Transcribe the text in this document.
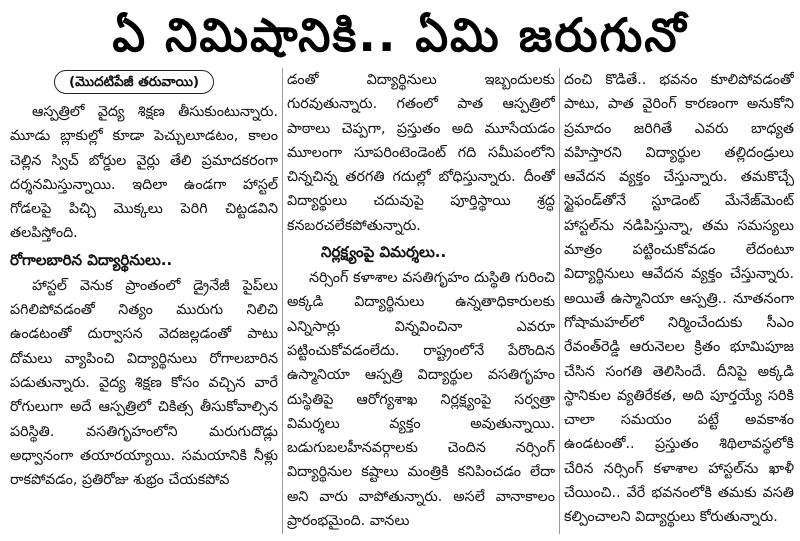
ఏ నిమిషానికి.. ఏమి జరుగునో
(మొదటిపేజీ తరువాయి)

ఆస్పత్రిలో వైద్య శిక్షణ తీసుకుంటున్నారు. మూడు బ్లాకుల్లో కూడా పెచ్చులూడటం, కాలం చెల్లిన స్విచ్ బోర్డుల వైర్లు తేలి ప్రమాదకరంగా దర్శనమిస్తున్నాయి. ఇదిలా ఉండగా హాస్టల్ గోడలపై పిచ్చి మొక్కలు పెరిగి చిట్టడవిని తలపిస్తోంది.

రోగాలబారిన విద్యార్థినులు..

హాస్టల్ వెనుక ప్రాంతంలో డ్రైనేజీ పైప్‌లు పగిలిపోవడంతో నిత్యం మురుగు నిలిచి ఉండటంతో దుర్వాసన వెదజల్లడంతో పాటు దోమలు వ్యాపించి విద్యార్థినులు రోగాలబారిన పడుతున్నారు. వైద్య శిక్షణ కోసం వచ్చిన వారే రోగులుగా అదే ఆస్పత్రిలో చికిత్స తీసుకోవాల్సిన పరిస్థితి. వసతిగృహంలోని మరుగుదొడ్లు అధ్వానంగా తయారయ్యాయి. సమయానికి నీళ్లు రాకపోవడం, ప్రతిరోజు శుభ్రం చేయకపోవ

డంతో విద్యార్థినులు ఇబ్బందులకు గురవుతున్నారు. గతంలో పాత ఆస్పత్రిలో పాఠాలు చెప్పగా, ప్రస్తుతం అది మూసేయడం మూలంగా సూపరింటెండెంట్ గది సమీపంలోని చిన్నచిన్న తరగతి గదుల్లో బోధిస్తున్నారు. దీంతో విద్యార్థులు చదువుపై పూర్తిస్థాయి శ్రద్ధ కనబరచలేకపోతున్నారు.

నిర్లక్ష్యంపై విమర్శలు..

నర్సింగ్ కళాశాల వసతిగృహం దుస్థితి గురించి అక్కడి విద్యార్థినులు ఉన్నతాధికారులకు ఎన్నిసార్లు విన్నవించినా ఎవరూ పట్టించుకోవడంలేదు. రాష్ట్రంలోనే పేరొందిన ఉస్మానియా ఆస్పత్రి విద్యార్థుల వసతిగృహం దుస్థితిపై ఆరోగ్యశాఖ నిర్లక్ష్యంపై సర్వత్రా విమర్శలు వ్యక్తం అవుతున్నాయి. బడుగుబలహీనవర్గాలకు చెందిన నర్సింగ్ విద్యార్థినుల కష్టాలు మంత్రికి కనిపించడం లేదా అని వారు వాపోతున్నారు. అసలే వానాకాలం ప్రారంభమైంది. వానలు

దంచి కొడితే.. భవనం కూలిపోవడంతో పాటు, పాత వైరింగ్ కారణంగా అనుకోని ప్రమాదం జరిగితే ఎవరు బాధ్యత వహిస్తారని విద్యార్థుల తల్లిదండ్రులు ఆవేదన వ్యక్తం చేస్తున్నారు. తమకొచ్చే స్టైఫండ్‌తోనే స్టూడెంట్ మేనేజ్‌మెంట్ హాస్టల్‌ను నడిపిస్తున్నా, తమ సమస్యలు మాత్రం పట్టించుకోవడం లేదంటూ విద్యార్థినులు ఆవేదన వ్యక్తం చేస్తున్నారు. అయితే ఉస్మానియా ఆస్పత్రి.. నూతనంగా గోషామహల్‌లో నిర్మించేందుకు సీఎం రేవంత్‌రెడ్డి ఆరునెలల క్రితం భూమిపూజ చేసిన సంగతి తెలిసిందే. దీనిపై అక్కడి స్థానికుల వ్యతిరేకత, అది పూర్తయ్యే సరికి చాలా సమయం పట్టే అవకాశం ఉండటంతో.. ప్రస్తుతం శిథిలావస్థలోకి చేరిన నర్సింగ్ కళాశాల హాస్టల్‌ను ఖాళీ చేయించి.. వేరే భవనంలోకి తమకు వసతి కల్పించాలని విద్యార్థులు కోరుతున్నారు.
